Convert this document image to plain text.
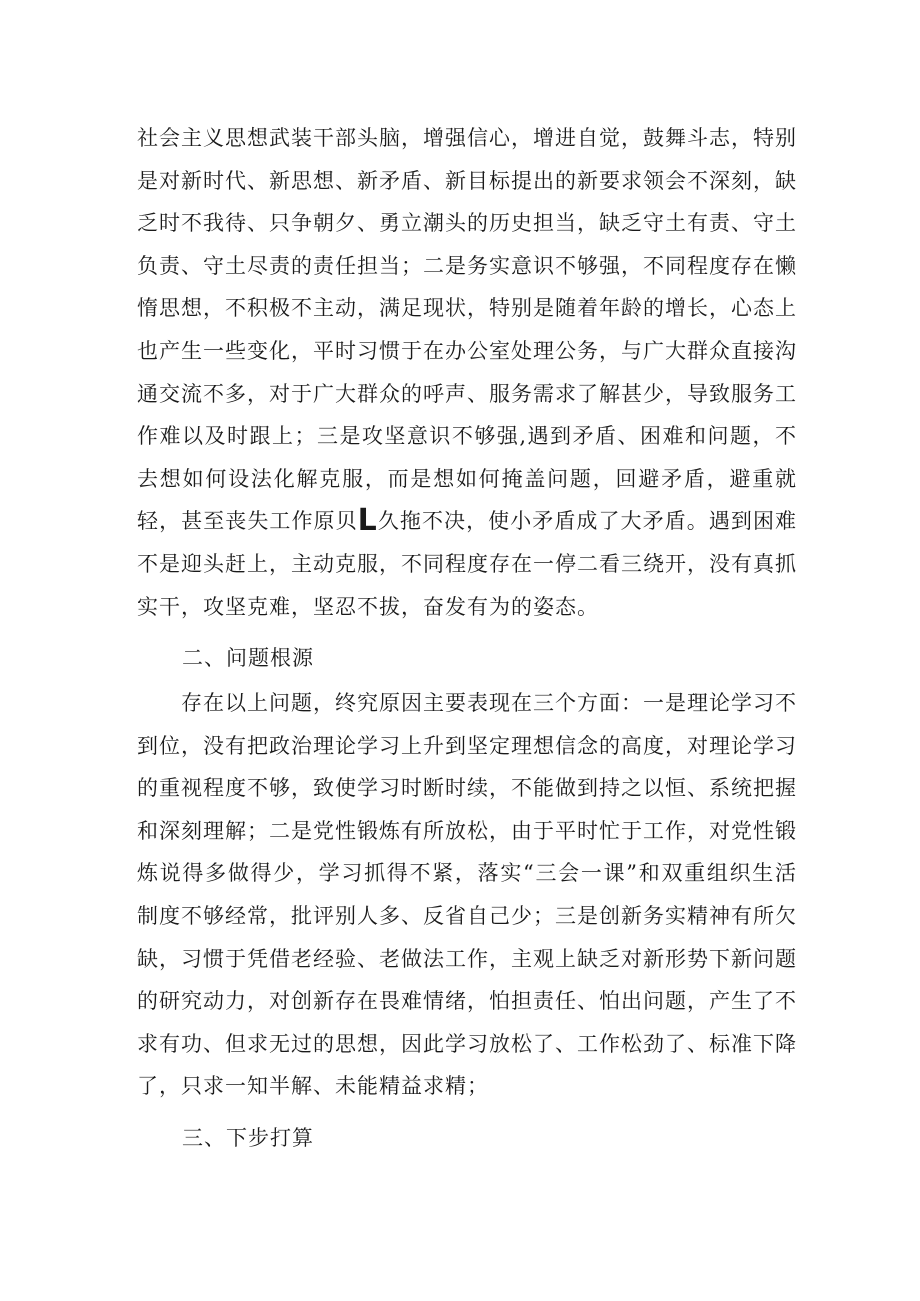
社会主义思想武装干部头脑，增强信心，增进自觉，鼓舞斗志，特别是对新时代、新思想、新矛盾、新目标提出的新要求领会不深刻，缺乏时不我待、只争朝夕、勇立潮头的历史担当，缺乏守土有责、守土负责、守土尽责的责任担当；二是务实意识不够强，不同程度存在懒惰思想，不积极不主动，满足现状，特别是随着年龄的增长，心态上也产生一些变化，平时习惯于在办公室处理公务，与广大群众直接沟通交流不多，对于广大群众的呼声、服务需求了解甚少，导致服务工作难以及时跟上；三是攻坚意识不够强,遇到矛盾、困难和问题，不去想如何设法化解克服，而是想如何掩盖问题，回避矛盾，避重就轻，甚至丧失工作原贝L久拖不决，使小矛盾成了大矛盾。遇到困难不是迎头赶上，主动克服，不同程度存在一停二看三绕开，没有真抓实干，攻坚克难，坚忍不拔，奋发有为的姿态。

二、问题根源

存在以上问题，终究原因主要表现在三个方面：一是理论学习不到位，没有把政治理论学习上升到坚定理想信念的高度，对理论学习的重视程度不够，致使学习时断时续，不能做到持之以恒、系统把握和深刻理解；二是党性锻炼有所放松，由于平时忙于工作，对党性锻炼说得多做得少，学习抓得不紧，落实“三会一课”和双重组织生活制度不够经常，批评别人多、反省自己少；三是创新务实精神有所欠缺，习惯于凭借老经验、老做法工作，主观上缺乏对新形势下新问题的研究动力，对创新存在畏难情绪，怕担责任、怕出问题，产生了不求有功、但求无过的思想，因此学习放松了、工作松劲了、标准下降了，只求一知半解、未能精益求精；

三、下步打算
